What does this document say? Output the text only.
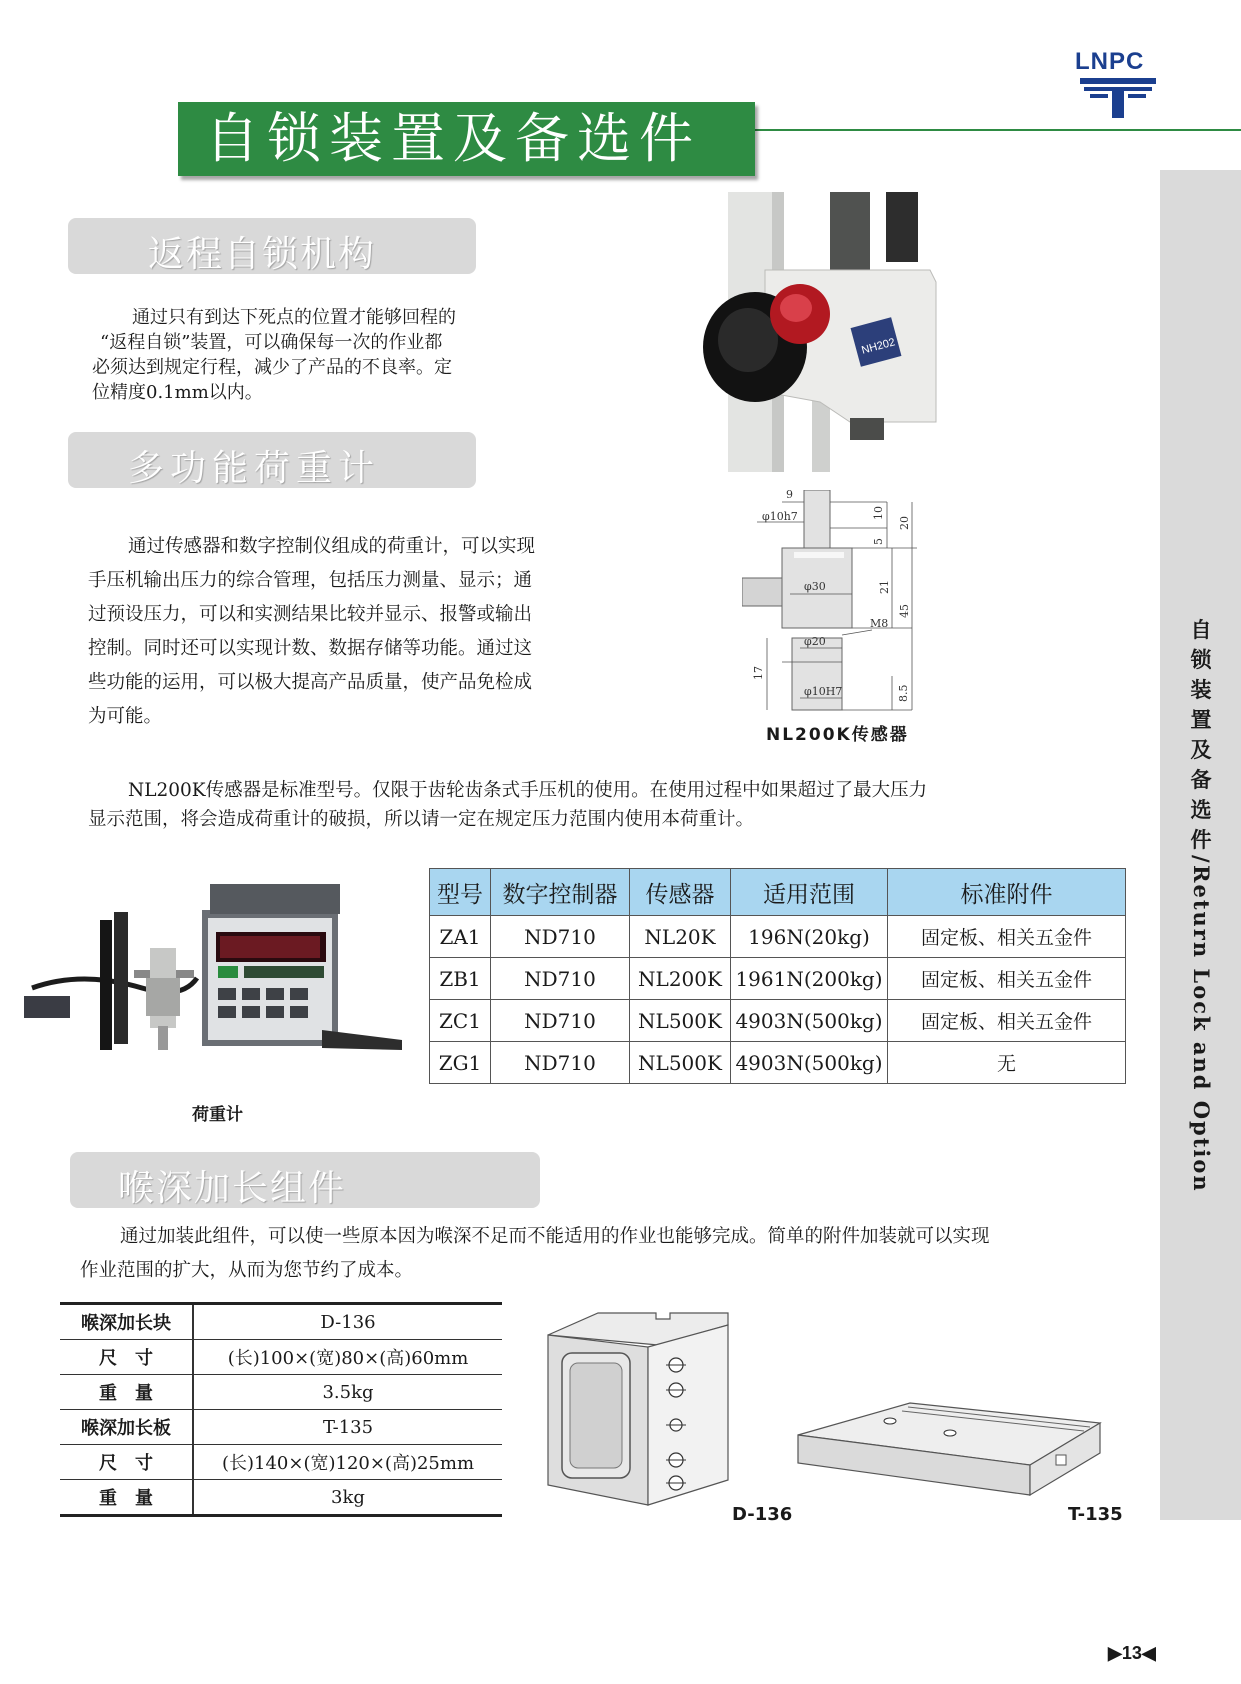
LNPC
自锁装置及备选件
自
锁
装
置
及
备
选
件
/
Return Lock and Option
返程自锁机构
通过只有到达下死点的位置才能够回程的
“返程自锁”装置，可以确保每一次的作业都
必须达到规定行程，减少了产品的不良率。定
位精度0.1mm以内。
NH202
多功能荷重计
通过传感器和数字控制仪组成的荷重计，可以实现
手压机输出压力的综合管理，包括压力测量、显示；通
过预设压力，可以和实测结果比较并显示、报警或输出
控制。同时还可以实现计数、数据存储等功能。通过这
些功能的运用，可以极大提高产品质量，使产品免检成
为可能。
9
φ10h7	10
5
20
21
φ30
45
φ20
M8
17
φ10H7	8.5
NL200K传感器
NL200K传感器是标准型号。仅限于齿轮齿条式手压机的使用。在使用过程中如果超过了最大压力
显示范围，将会造成荷重计的破损，所以请一定在规定压力范围内使用本荷重计。
荷重计
型号	数字控制器	传感器	适用范围	标准附件
ZA1	ND710	NL20K	196N(20kg)	固定板、相关五金件
ZB1	ND710	NL200K	1961N(200kg)	固定板、相关五金件
ZC1	ND710	NL500K	4903N(500kg)	固定板、相关五金件
ZG1	ND710	NL500K	4903N(500kg)	无
喉深加长组件
通过加装此组件，可以使一些原本因为喉深不足而不能适用的作业也能够完成。简单的附件加装就可以实现
作业范围的扩大，从而为您节约了成本。
喉深加长块	D-136
尺　寸	(长)100×(宽)80×(高)60mm
重　量	3.5kg
喉深加长板	T-135
尺　寸	(长)140×(宽)120×(高)25mm
重　量	3kg
D-136	T-135
▶13◀
